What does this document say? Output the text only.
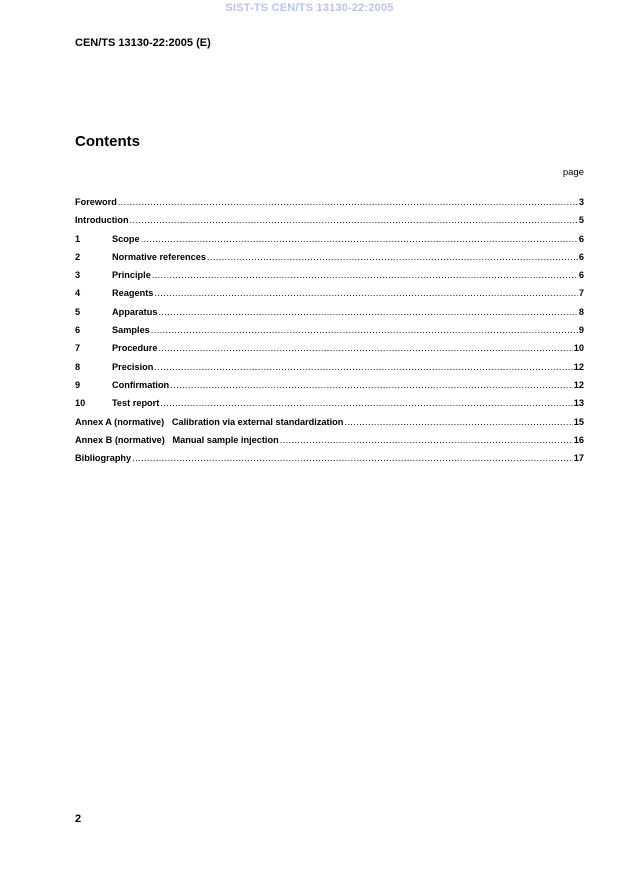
SIST-TS CEN/TS 13130-22:2005
CEN/TS 13130-22:2005 (E)
Contents
page
Foreword .....	3
Introduction .....	5
1	Scope .....	6
2	Normative references .....	6
3	Principle .....	6
4	Reagents .....	7
5	Apparatus .....	8
6	Samples .....	9
7	Procedure .....	10
8	Precision .....	12
9	Confirmation .....	12
10	Test report .....	13
Annex A (normative)   Calibration via external standardization .....	15
Annex B (normative)   Manual sample injection .....	16
Bibliography .....	17
2
